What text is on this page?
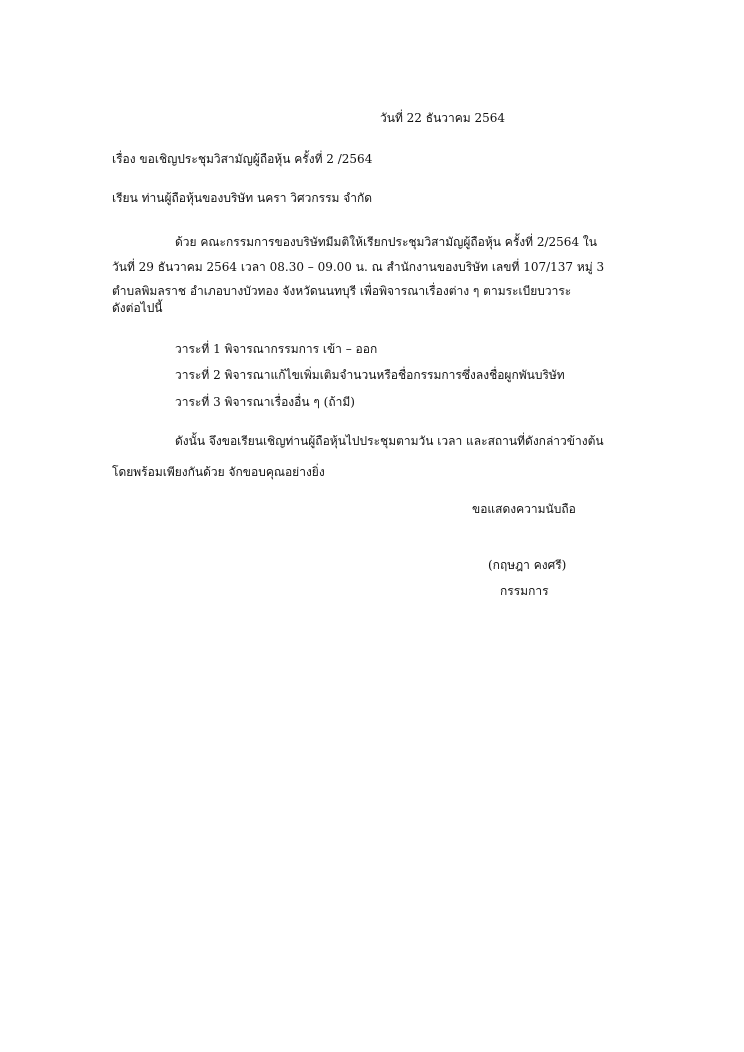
วันที่ 22 ธันวาคม 2564
เรื่อง ขอเชิญประชุมวิสามัญผู้ถือหุ้น ครั้งที่ 2 /2564
เรียน ท่านผู้ถือหุ้นของบริษัท นครา วิศวกรรม จำกัด
ด้วย คณะกรรมการของบริษัทมีมติให้เรียกประชุมวิสามัญผู้ถือหุ้น ครั้งที่ 2/2564 ใน
วันที่ 29 ธันวาคม 2564 เวลา 08.30 – 09.00 น. ณ สำนักงานของบริษัท เลขที่ 107/137 หมู่ 3
ตำบลพิมลราช อำเภอบางบัวทอง จังหวัดนนทบุรี เพื่อพิจารณาเรื่องต่าง ๆ ตามระเบียบวาระ
ดังต่อไปนี้
วาระที่ 1 พิจารณากรรมการ เข้า – ออก
วาระที่ 2 พิจารณาแก้ไขเพิ่มเติมจำนวนหรือชื่อกรรมการซึ่งลงชื่อผูกพันบริษัท
วาระที่ 3 พิจารณาเรื่องอื่น ๆ (ถ้ามี)
ดังนั้น จึงขอเรียนเชิญท่านผู้ถือหุ้นไปประชุมตามวัน เวลา และสถานที่ดังกล่าวข้างต้น
โดยพร้อมเพียงกันด้วย จักขอบคุณอย่างยิ่ง
ขอแสดงความนับถือ
(กฤษฎา คงศรี)
กรรมการ
